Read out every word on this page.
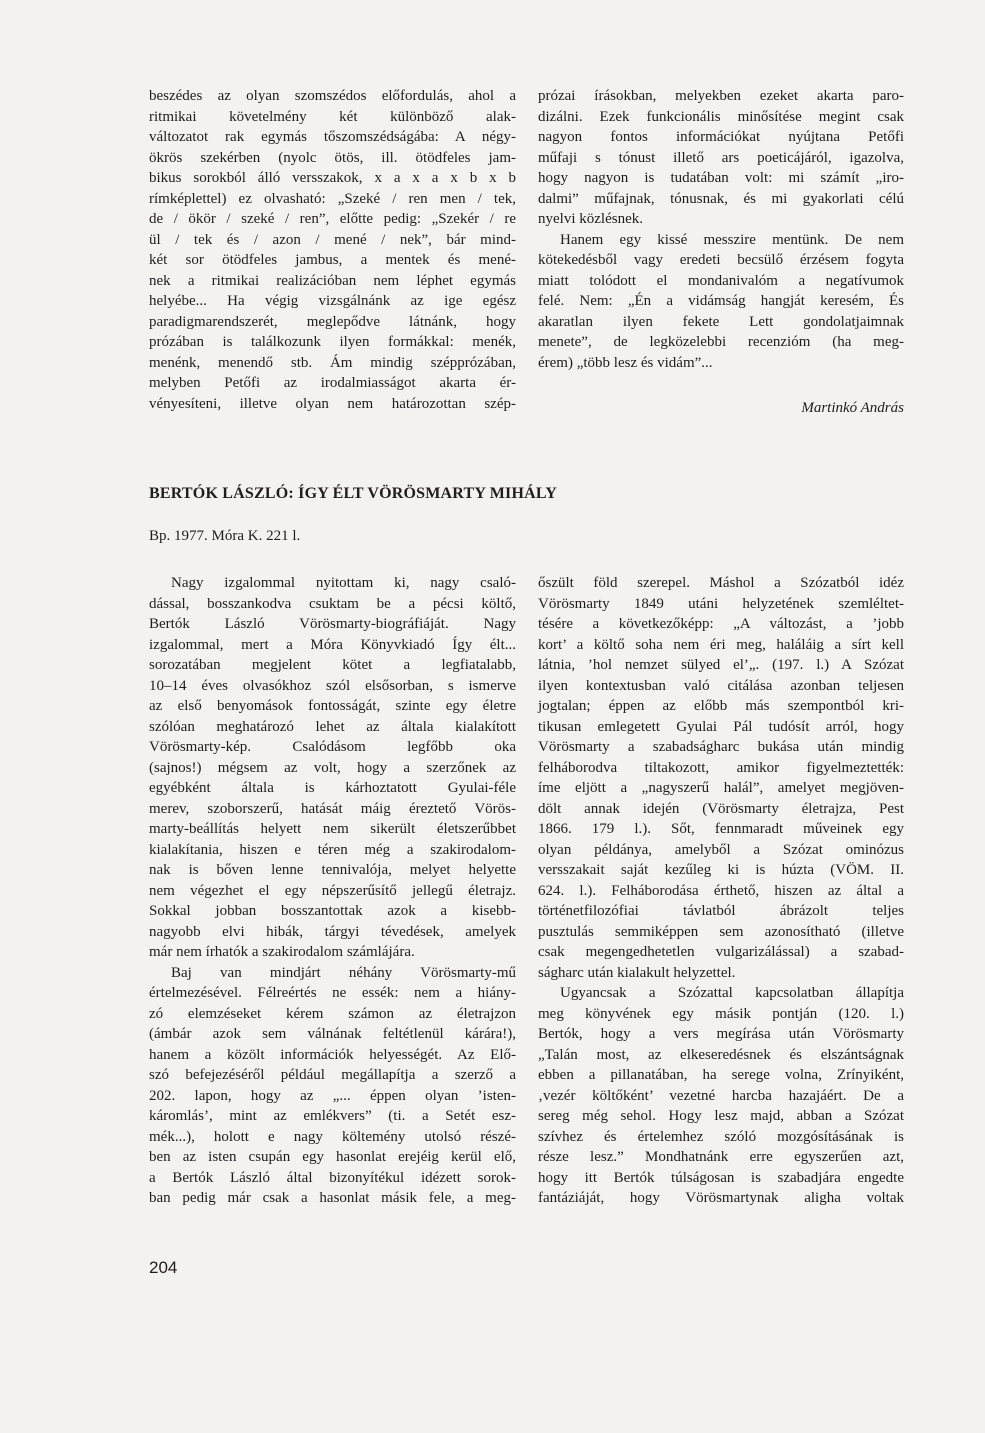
beszédes az olyan szomszédos előfordulás, ahol a
ritmikai követelmény két különböző alak-
változatot rak egymás tőszomszédságába: A négy-
ökrös szekérben (nyolc ötös, ill. ötödfeles jam-
bikus sorokból álló versszakok, x a x a x b x b
rímképlettel) ez olvasható: „Szeké / ren men / tek,
de / ökör / szeké / ren”, előtte pedig: „Szekér / re
ül / tek és / azon / mené / nek”, bár mind-
két sor ötödfeles jambus, a mentek és mené-
nek a ritmikai realizációban nem léphet egymás
helyébe... Ha végig vizsgálnánk az ige egész
paradigmarendszerét, meglepődve látnánk, hogy
prózában is találkozunk ilyen formákkal: menék,
menénk, menendő stb. Ám mindig szépprózában,
melyben Petőfi az irodalmiasságot akarta ér-
vényesíteni, illetve olyan nem határozottan szép-
prózai írásokban, melyekben ezeket akarta paro-
dizálni. Ezek funkcionális minősítése megint csak
nagyon fontos információkat nyújtana Petőfi
műfaji s tónust illető ars poeticájáról, igazolva,
hogy nagyon is tudatában volt: mi számít „iro-
dalmi” műfajnak, tónusnak, és mi gyakorlati célú
nyelvi közlésnek.
Hanem egy kissé messzire mentünk. De nem
kötekedésből vagy eredeti becsülő érzésem fogyta
miatt tolódott el mondanivalóm a negatívumok
felé. Nem: „Én a vidámság hangját keresém, És
akaratlan ilyen fekete Lett gondolatjaimnak
menete”, de legközelebbi recenzióm (ha meg-
érem) „több lesz és vidám”...
Martinkó András
BERTÓK LÁSZLÓ: ÍGY ÉLT VÖRÖSMARTY MIHÁLY
Bp. 1977. Móra K. 221 l.
Nagy izgalommal nyitottam ki, nagy csaló-
dással, bosszankodva csuktam be a pécsi költő,
Bertók László Vörösmarty-biográfiáját. Nagy
izgalommal, mert a Móra Könyvkiadó Így élt...
sorozatában megjelent kötet a legfiatalabb,
10–14 éves olvasókhoz szól elsősorban, s ismerve
az első benyomások fontosságát, szinte egy életre
szólóan meghatározó lehet az általa kialakított
Vörösmarty-kép. Csalódásom legfőbb oka
(sajnos!) mégsem az volt, hogy a szerzőnek az
egyébként általa is kárhoztatott Gyulai-féle
merev, szoborszerű, hatását máig éreztető Vörös-
marty-beállítás helyett nem sikerült életszerűbbet
kialakítania, hiszen e téren még a szakirodalom-
nak is bőven lenne tennivalója, melyet helyette
nem végezhet el egy népszerűsítő jellegű életrajz.
Sokkal jobban bosszantottak azok a kisebb-
nagyobb elvi hibák, tárgyi tévedések, amelyek
már nem írhatók a szakirodalom számlájára.
Baj van mindjárt néhány Vörösmarty-mű
értelmezésével. Félreértés ne essék: nem a hiány-
zó elemzéseket kérem számon az életrajzon
(ámbár azok sem válnának feltétlenül kárára!),
hanem a közölt információk helyességét. Az Elő-
szó befejezéséről például megállapítja a szerző a
202. lapon, hogy az „... éppen olyan ’isten-
káromlás’, mint az emlékvers” (ti. a Setét esz-
mék...), holott e nagy költemény utolsó részé-
ben az isten csupán egy hasonlat erejéig kerül elő,
a Bertók László által bizonyítékul idézett sorok-
ban pedig már csak a hasonlat másik fele, a meg-
őszült föld szerepel. Máshol a Szózatból idéz
Vörösmarty 1849 utáni helyzetének szemléltet-
tésére a következőképp: „A változást, a ’jobb
kort’ a költő soha nem éri meg, haláláig a sírt kell
látnia, ’hol nemzet sülyed el’„. (197. l.) A Szózat
ilyen kontextusban való citálása azonban teljesen
jogtalan; éppen az előbb más szempontból kri-
tikusan emlegetett Gyulai Pál tudósít arról, hogy
Vörösmarty a szabadságharc bukása után mindig
felháborodva tiltakozott, amikor figyelmeztették:
íme eljött a „nagyszerű halál”, amelyet megjöven-
dölt annak idején (Vörösmarty életrajza, Pest
1866. 179 l.). Sőt, fennmaradt műveinek egy
olyan példánya, amelyből a Szózat ominózus
versszakait saját kezűleg ki is húzta (VÖM. II.
624. l.). Felháborodása érthető, hiszen az által a
történetfilozófiai távlatból ábrázolt teljes
pusztulás semmiképpen sem azonosítható (illetve
csak megengedhetetlen vulgarizálással) a szabad-
ságharc után kialakult helyzettel.
Ugyancsak a Szózattal kapcsolatban állapítja
meg könyvének egy másik pontján (120. l.)
Bertók, hogy a vers megírása után Vörösmarty
„Talán most, az elkeseredésnek és elszántságnak
ebben a pillanatában, ha serege volna, Zrínyiként,
‚vezér költőként’ vezetné harcba hazajáért. De a
sereg még sehol. Hogy lesz majd, abban a Szózat
szívhez és értelemhez szóló mozgósításának is
része lesz.” Mondhatnánk erre egyszerűen azt,
hogy itt Bertók túlságosan is szabadjára engedte
fantáziáját, hogy Vörösmartynak aligha voltak
204
